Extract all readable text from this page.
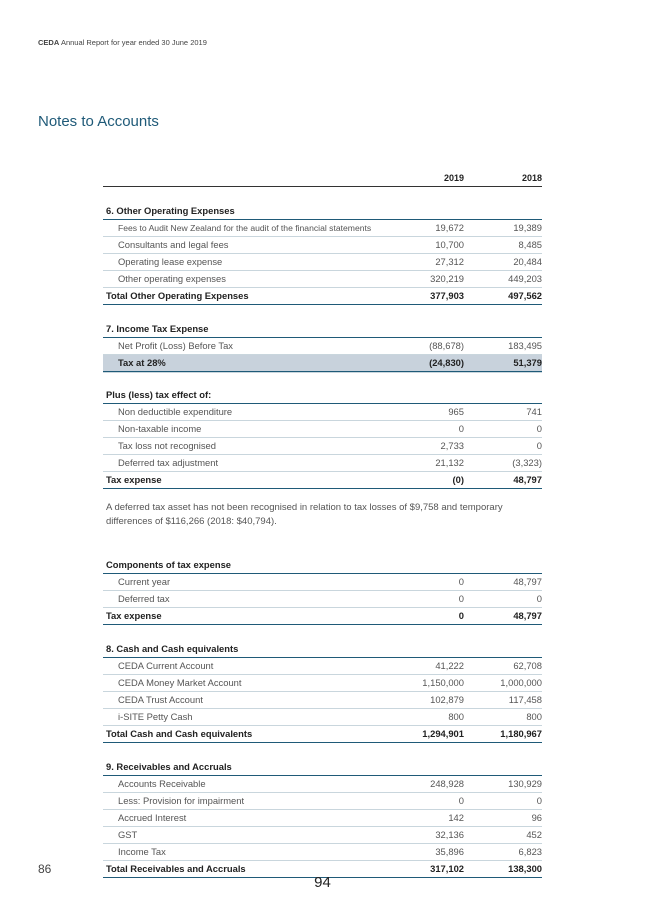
CEDA Annual Report for year ended 30 June 2019
Notes to Accounts
2019	2018
6. Other Operating Expenses
Fees to Audit New Zealand for the audit of the financial statements	19,672	19,389
Consultants and legal fees	10,700	8,485
Operating lease expense	27,312	20,484
Other operating expenses	320,219	449,203
Total Other Operating Expenses	377,903	497,562
7. Income Tax Expense
Net Profit (Loss) Before Tax	(88,678)	183,495
Tax at 28%	(24,830)	51,379
Plus (less) tax effect of:
Non deductible expenditure	965	741
Non-taxable income	0	0
Tax loss not recognised	2,733	0
Deferred tax adjustment	21,132	(3,323)
Tax expense	(0)	48,797
A deferred tax asset has not been recognised in relation to tax losses of $9,758 and temporary differences of $116,266 (2018: $40,794).
Components of tax expense
Current year	0	48,797
Deferred tax	0	0
Tax expense	0	48,797
8. Cash and Cash equivalents
CEDA Current Account	41,222	62,708
CEDA Money Market Account	1,150,000	1,000,000
CEDA Trust Account	102,879	117,458
i-SITE Petty Cash	800	800
Total Cash and Cash equivalents	1,294,901	1,180,967
9. Receivables and Accruals
Accounts Receivable	248,928	130,929
Less: Provision for impairment	0	0
Accrued Interest	142	96
GST	32,136	452
Income Tax	35,896	6,823
Total Receivables and Accruals	317,102	138,300
86
94
